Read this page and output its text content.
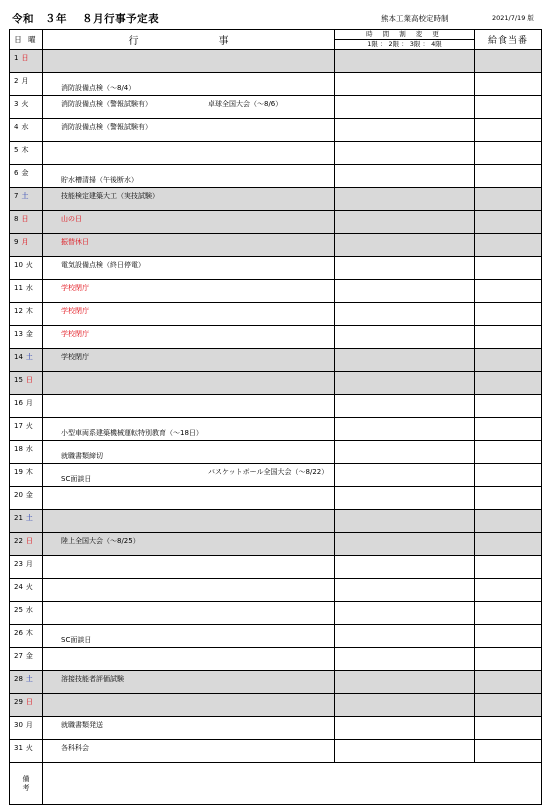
令和　３年　 ８月行事予定表	熊本工業高校定時制	2021/7/19 版
日 曜	行　　事	時 間 割 変 更
1限 ： 2限 ： 3限 ： 4限	給食当番
1 日			
2 月	消防設備点検（～8/4）		

3 火	消防設備点検（警報試験有） 卓球全国大会（～8/6）		

4 水	消防設備点検（警報試験有）		

5 木			
6 金	貯水槽清掃（午後断水）		

7 土	技能検定建築大工（実技試験）		

8 日	山の日		

9 月	振替休日		

10 火	電気設備点検（終日停電）		

11 水	学校閉庁		

12 木	学校閉庁		

13 金	学校閉庁		

14 土	学校閉庁		

15 日			
16 月			
17 火	小型車両系建築機械運転特別教育（～18日）		

18 水	就職書類締切		

19 木	バスケットボール全国大会（～8/22）
SC面談日		

20 金			
21 土			
22 日	陸上全国大会（～8/25）		

23 月			
24 火			
25 水			
26 木	SC面談日		

27 金			
28 土	溶接技能者評価試験		

29 日			
30 月	就職書類発送		

31 火	各科科会		

備
考			
